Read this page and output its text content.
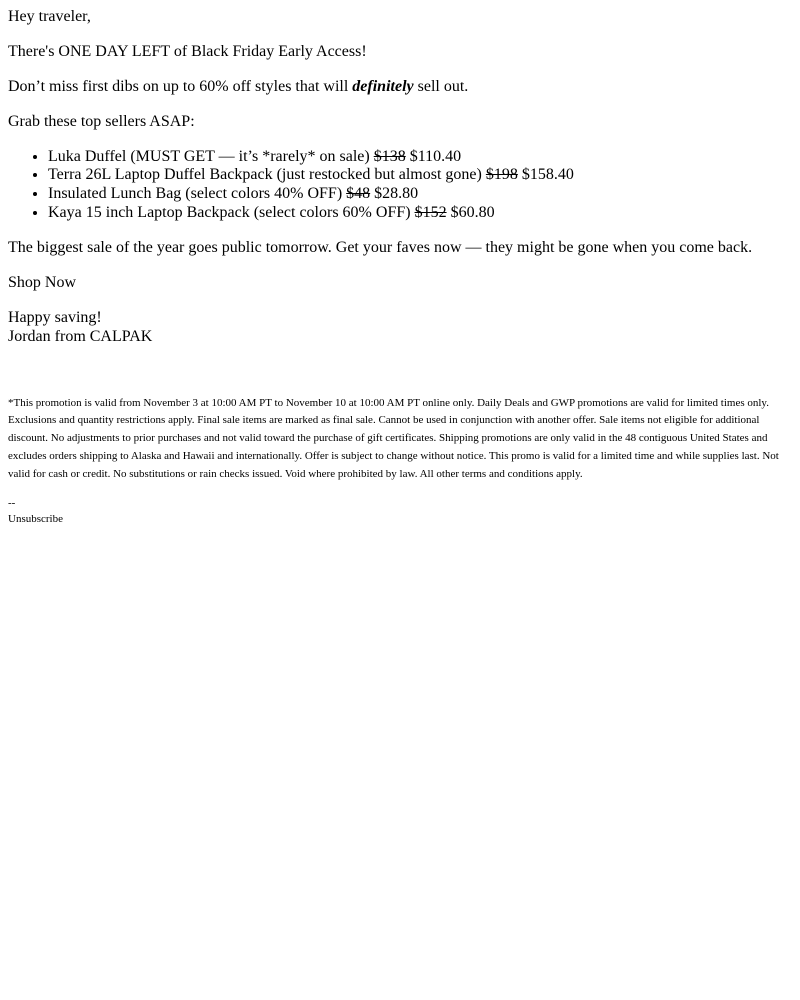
Hey traveler,

There's ONE DAY LEFT of Black Friday Early Access!

Don’t miss first dibs on up to 60% off styles that will definitely sell out.

Grab these top sellers ASAP:

• Luka Duffel (MUST GET — it’s *rarely* on sale) $138 $110.40
• Terra 26L Laptop Duffel Backpack (just restocked but almost gone) $198 $158.40
• Insulated Lunch Bag (select colors 40% OFF) $48 $28.80
• Kaya 15 inch Laptop Backpack (select colors 60% OFF) $152 $60.80

The biggest sale of the year goes public tomorrow. Get your faves now — they might be gone when you come back.

Shop Now

Happy saving!

Jordan from CALPAK

*This promotion is valid from November 3 at 10:00 AM PT to November 10 at 10:00 AM PT online only. Daily Deals and GWP promotions are valid for limited times only. Exclusions and quantity restrictions apply. Final sale items are marked as final sale. Cannot be used in conjunction with another offer. Sale items not eligible for additional discount. No adjustments to prior purchases and not valid toward the purchase of gift certificates. Shipping promotions are only valid in the 48 contiguous United States and excludes orders shipping to Alaska and Hawaii and internationally. Offer is subject to change without notice. This promo is valid for a limited time and while supplies last. Not valid for cash or credit. No substitutions or rain checks issued. Void where prohibited by law. All other terms and conditions apply.

--

Unsubscribe
